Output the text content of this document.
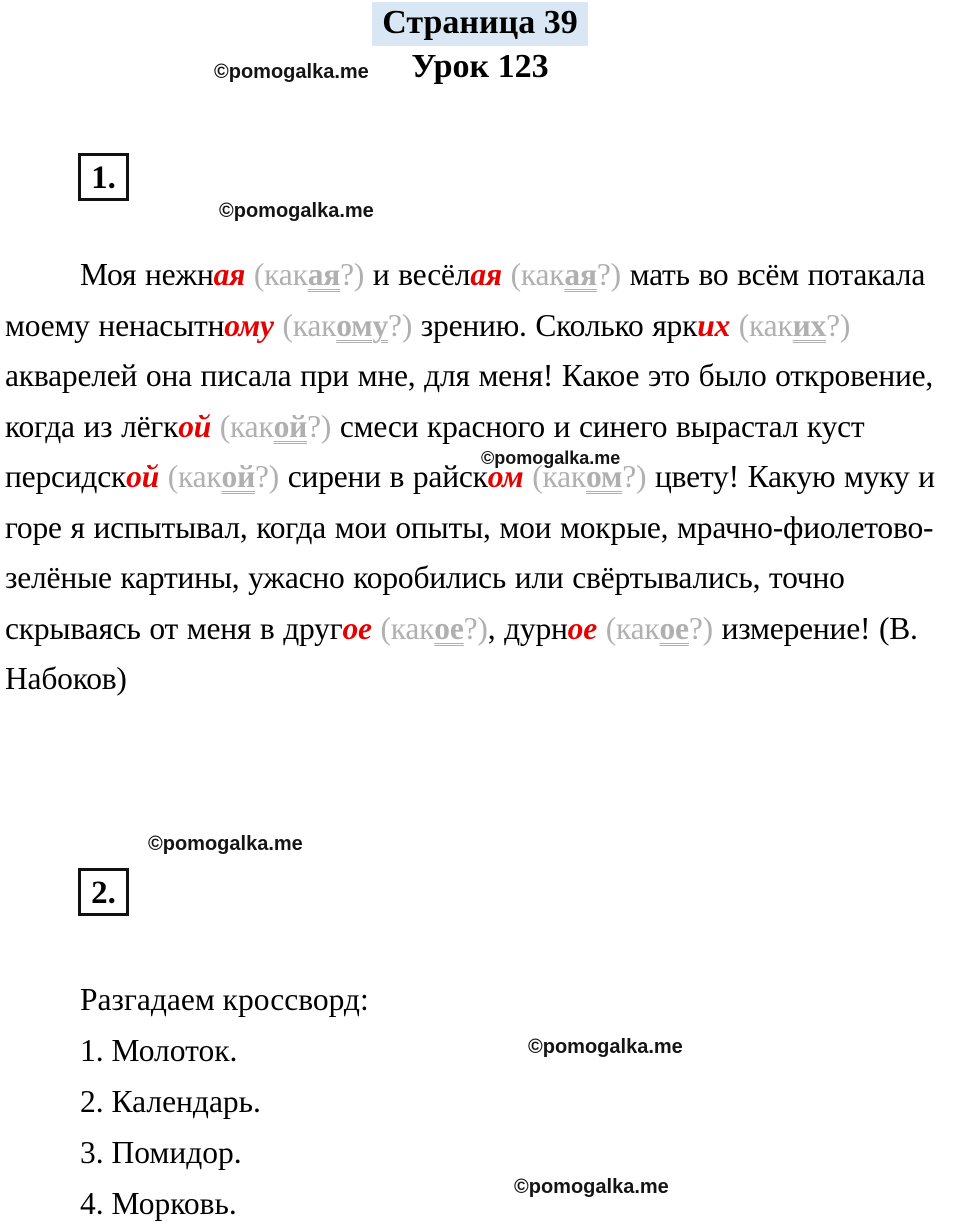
Страница 39
Урок 123
©pomogalka.me
©pomogalka.me
1.

Моя нежная (какая?) и весёлая (какая?) мать во всём потакала моему ненасытному (какому?) зрению. Сколько ярких (каких?) акварелей она писала при мне, для меня! Какое это было откровение, когда из лёгкой (какой?) смеси красного и синего вырастал куст персидской (какой?) сирени в райском (каком?) цвету! Какую муку и горе я испытывал, когда мои опыты, мои мокрые, мрачно-фиолетово-зелёные картины, ужасно коробились или свёртывались, точно скрываясь от меня в другое (какое?), дурное (какое?) измерение! (В. Набоков)

©pomogalka.me
©pomogalka.me
2.
Разгадаем кроссворд:
1. Молоток.
2. Календарь.
3. Помидор.
4. Морковь.
©pomogalka.me
©pomogalka.me
